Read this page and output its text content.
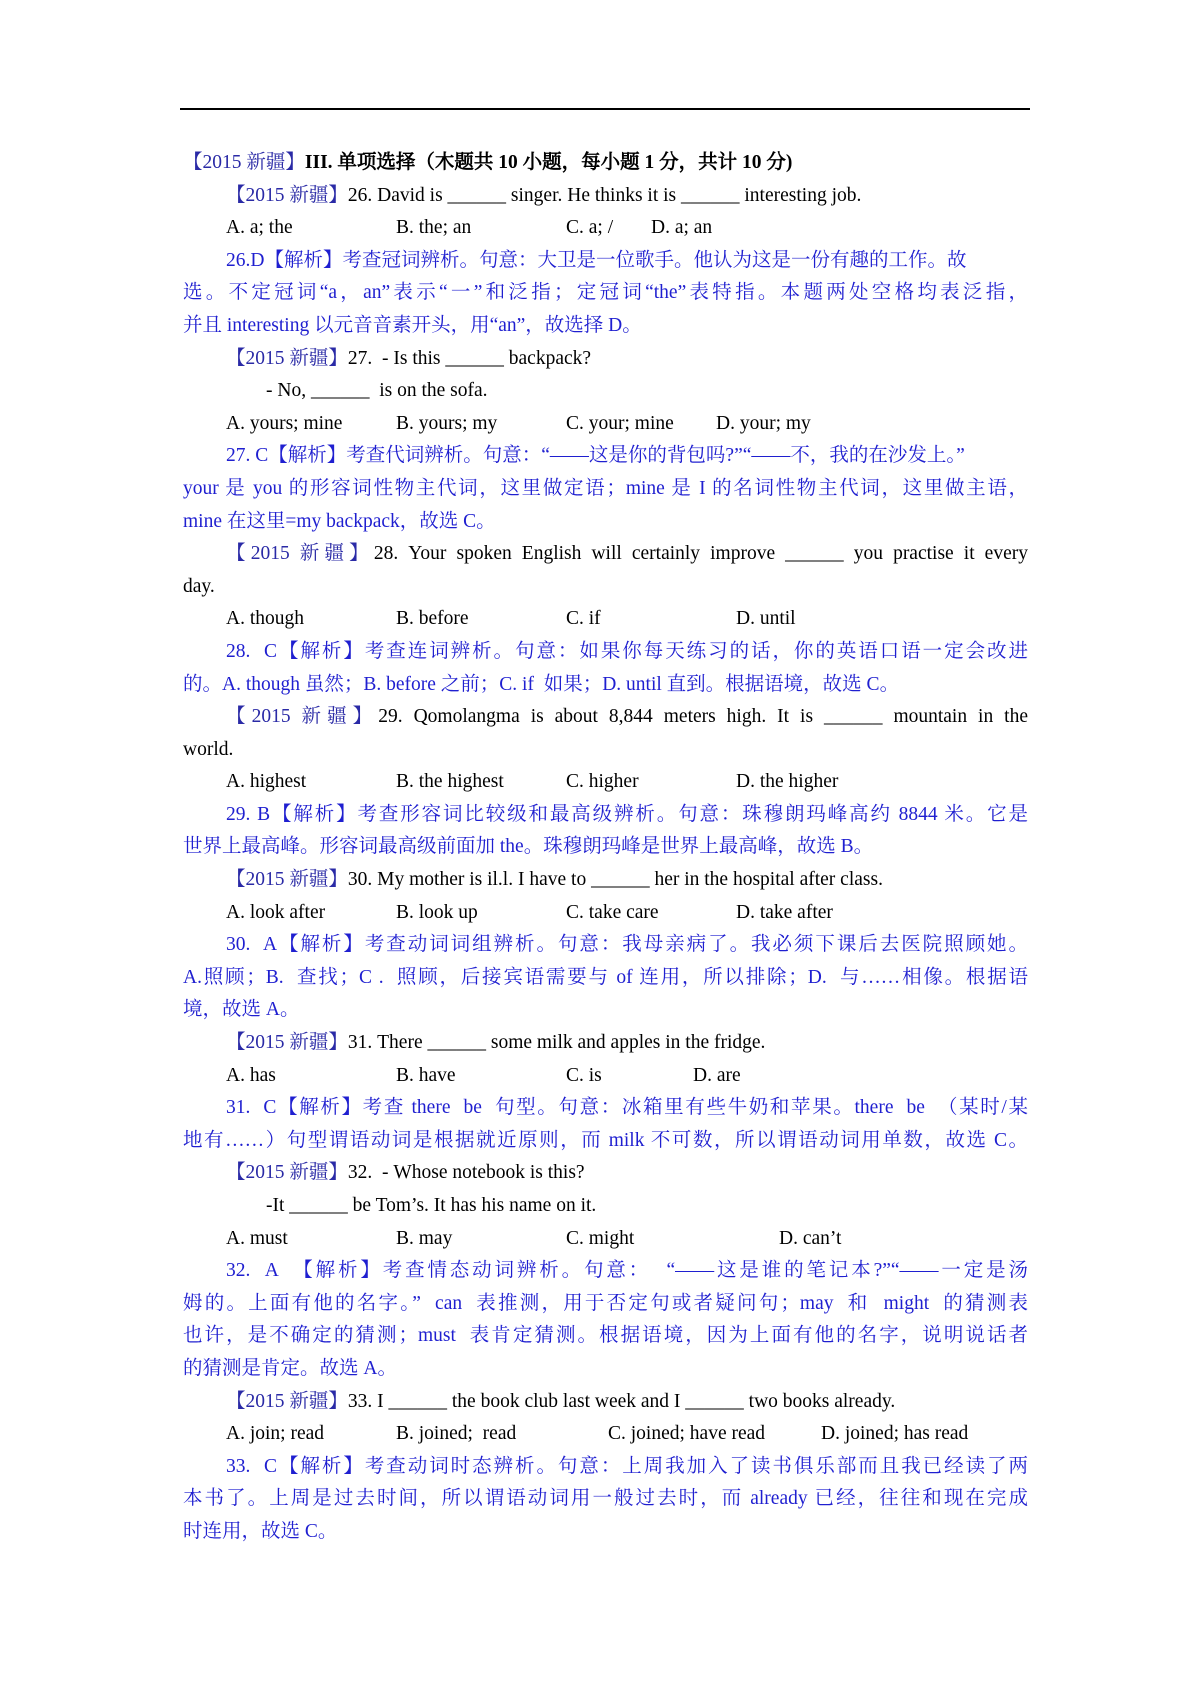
【2015 新疆】III. 单项选择（木题共 10 小题，每小题 1 分，共计 10 分)
【2015 新疆】26. David is ______ singer. He thinks it is ______ interesting job.
A. a; the	B. the; an	C. a; / D. a; an
26.D【解析】考查冠词辨析。句意：大卫是一位歌手。他认为这是一份有趣的工作。故
选。不定冠词“a，an”表示“一”和泛指；定冠词“the”表特指。本题两处空格均表泛指，
并且 interesting 以元音音素开头，用“an”，故选择 D。
【2015 新疆】27.  - Is this ______ backpack?
- No, ______  is on the sofa.
A. yours; mine	B. yours; my	C. your; mine D. your; my
27. C【解析】考查代词辨析。句意：“——这是你的背包吗?”“——不，我的在沙发上。”
your 是 you 的形容词性物主代词，这里做定语；mine 是 I 的名词性物主代词，这里做主语，
mine 在这里=my backpack，故选 C。
【2015 新疆】28. Your spoken English will certainly improve ______ you practise it every
day.
A. though	B. before	C. if	D. until
28.  C【解析】考查连词辨析。句意：如果你每天练习的话，你的英语口语一定会改进
的。A. though 虽然；B. before 之前；C. if  如果；D. until 直到。根据语境，故选 C。
【2015 新疆】29. Qomolangma is about 8,844 meters high. It is ______ mountain in the
world.
A. highest	B. the highest	C. higher	D. the higher
29. B【解析】考查形容词比较级和最高级辨析。句意：珠穆朗玛峰高约 8844 米。它是
世界上最高峰。形容词最高级前面加 the。珠穆朗玛峰是世界上最高峰，故选 B。
【2015 新疆】30. My mother is il.l. I have to ______ her in the hospital after class.
A. look after	B. look up	C. take care	D. take after
30.  A【解析】考查动词词组辨析。句意：我母亲病了。我必须下课后去医院照顾她。
A.照顾；B.  查找；C .  照顾，后接宾语需要与 of 连用，所以排除；D.  与……相像。根据语
境，故选 A。
【2015 新疆】31. There ______ some milk and apples in the fridge.
A. has	B. have	C. is	D. are
31.  C【解析】考查 there  be  句型。句意：冰箱里有些牛奶和苹果。there  be  （某时/某
地有……）句型谓语动词是根据就近原则，而 milk 不可数，所以谓语动词用单数，故选 C。
【2015 新疆】32.  - Whose notebook is this?
-It ______ be Tom’s. It has his name on it.
A. must	B. may	C. might	D. can’t
32.  A  【解析】考查情态动词辨析。句意：  “——这是谁的笔记本?”“——一定是汤
姆的。上面有他的名字。”  can  表推测，用于否定句或者疑问句；may  和  might  的猜测表
也许，是不确定的猜测；must  表肯定猜测。根据语境，因为上面有他的名字，说明说话者
的猜测是肯定。故选 A。
【2015 新疆】33. I ______ the book club last week and I ______ two books already.
A. join; read	B. joined;  read	C. joined; have read	D. joined; has read
33.  C【解析】考查动词时态辨析。句意：上周我加入了读书俱乐部而且我已经读了两
本书了。上周是过去时间，所以谓语动词用一般过去时，而 already 已经，往往和现在完成
时连用，故选 C。
